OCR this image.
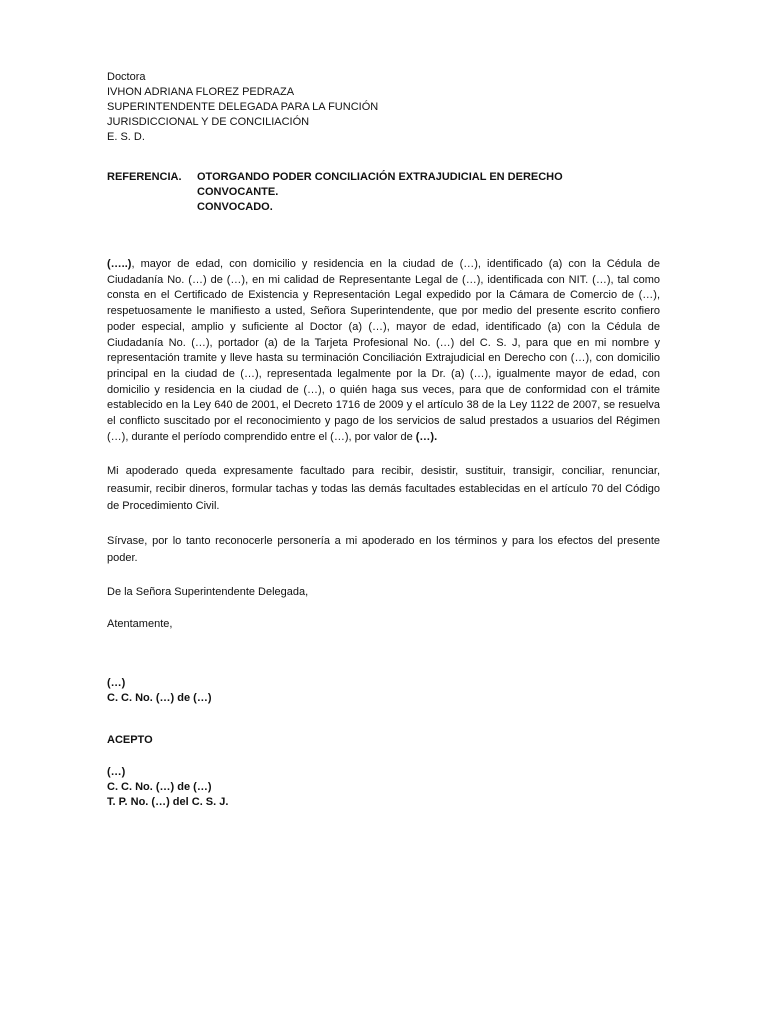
Doctora
IVHON ADRIANA FLOREZ PEDRAZA
SUPERINTENDENTE DELEGADA PARA LA FUNCIÓN
JURISDICCIONAL Y DE CONCILIACIÓN
E. S. D.
REFERENCIA.	OTORGANDO PODER CONCILIACIÓN EXTRAJUDICIAL EN DERECHO
CONVOCANTE.
CONVOCADO.

(…..), mayor de edad, con domicilio y residencia en la ciudad de (…), identificado (a) con la Cédula de Ciudadanía No. (…) de (…), en mi calidad de Representante Legal de (…), identificada con NIT. (…), tal como consta en el Certificado de Existencia y Representación Legal expedido por la Cámara de Comercio de (…), respetuosamente le manifiesto a usted, Señora Superintendente, que por medio del presente escrito confiero poder especial, amplio y suficiente al Doctor (a) (…), mayor de edad, identificado (a) con la Cédula de Ciudadanía No. (…), portador (a) de la Tarjeta Profesional No. (…) del C. S. J, para que en mi nombre y representación tramite y lleve hasta su terminación Conciliación Extrajudicial en Derecho con (…), con domicilio principal en la ciudad de (…), representada legalmente por la Dr. (a) (…), igualmente mayor de edad, con domicilio y residencia en la ciudad de (…), o quién haga sus veces, para que de conformidad con el trámite establecido en la Ley 640 de 2001, el Decreto 1716 de 2009 y el artículo 38 de la Ley 1122 de 2007, se resuelva el conflicto suscitado por el reconocimiento y pago de los servicios de salud prestados a usuarios del Régimen (…), durante el período comprendido entre el (…), por valor de (…).

Mi apoderado queda expresamente facultado para recibir, desistir, sustituir, transigir, conciliar, renunciar, reasumir, recibir dineros, formular tachas y todas las demás facultades establecidas en el artículo 70 del Código de Procedimiento Civil.

Sírvase, por lo tanto reconocerle personería a mi apoderado en los términos y para los efectos del presente poder.

De la Señora Superintendente Delegada,
Atentamente,
(…)
C. C. No. (…) de (…)
ACEPTO
(…)
C. C. No. (…) de (…)
T. P. No. (…) del C. S. J.
